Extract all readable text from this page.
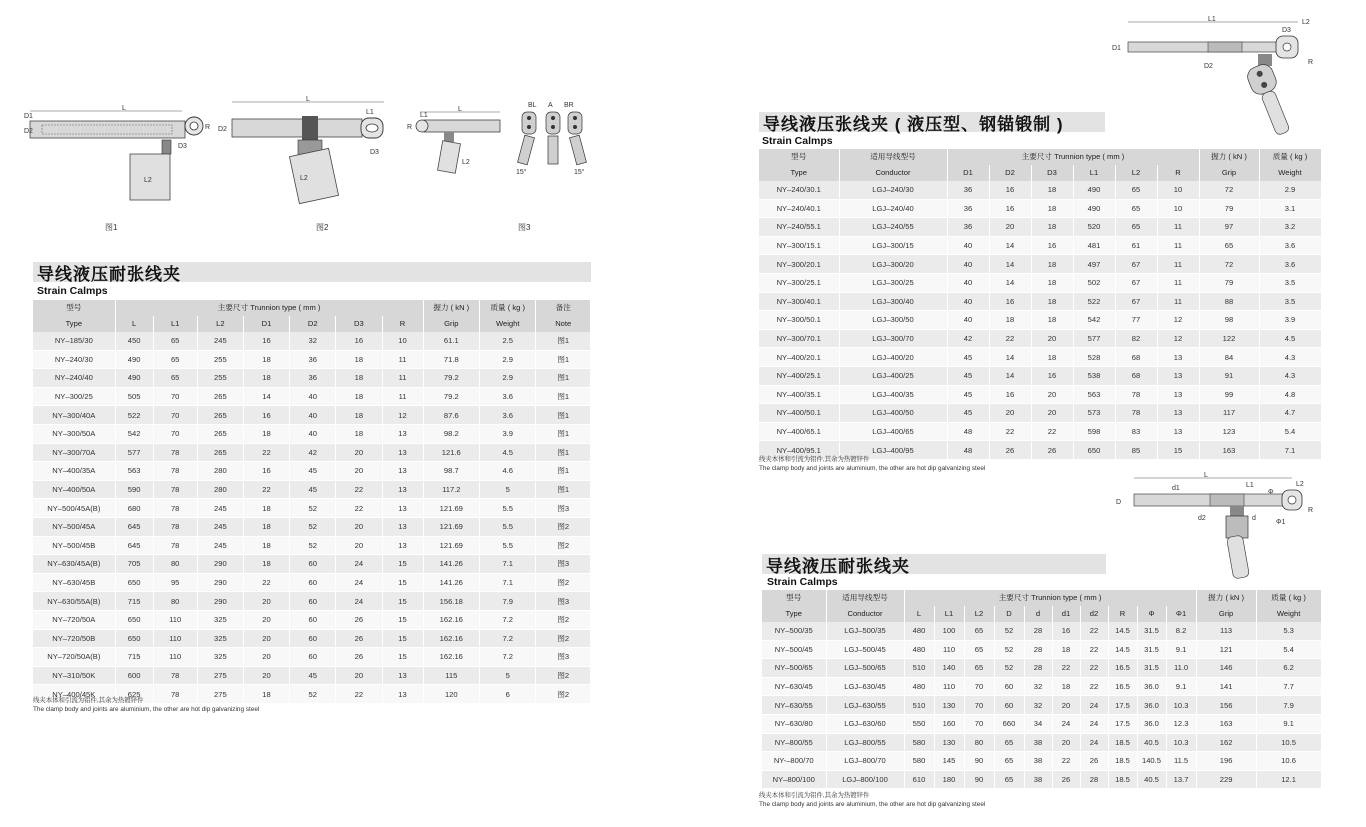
L
D1
D2
D3
R
L2
图1
L
D2
L1
D3
L2
图2
L
L1
R
L2
BL A BR
15°	15°
图3
导线液压耐张线夹
Strain Calmps
型号	主要尺寸 Trunnion type ( mm )							握力 ( kN )	质量 ( kg )	备注
Type	L	L1	L2	D1	D2	D3	R	Grip	Weight	Note
NY–185/30	450	65	245	16	32	16	10	61.1	2.5	图1
NY–240/30	490	65	255	18	36	18	11	71.8	2.9	图1
NY–240/40	490	65	255	18	36	18	11	79.2	2.9	图1
NY–300/25	505	70	265	14	40	18	11	79.2	3.6	图1
NY–300/40A	522	70	265	16	40	18	12	87.6	3.6	图1
NY–300/50A	542	70	265	18	40	18	13	98.2	3.9	图1
NY–300/70A	577	78	265	22	42	20	13	121.6	4.5	图1
NY–400/35A	563	78	280	16	45	20	13	98.7	4.6	图1
NY–400/50A	590	78	280	22	45	22	13	117.2	5	图1
NY–500/45A(B)	680	78	245	18	52	22	13	121.69	5.5	图3
NY–500/45A	645	78	245	18	52	20	13	121.69	5.5	图2
NY–500/45B	645	78	245	18	52	20	13	121.69	5.5	图2
NY–630/45A(B)	705	80	290	18	60	24	15	141.26	7.1	图3
NY–630/45B	650	95	290	22	60	24	15	141.26	7.1	图2
NY–630/55A(B)	715	80	290	20	60	24	15	156.18	7.9	图3
NY–720/50A	650	110	325	20	60	26	15	162.16	7.2	图2
NY–720/50B	650	110	325	20	60	26	15	162.16	7.2	图2
NY–720/50A(B)	715	110	325	20	60	26	15	162.16	7.2	图3
NY–310/50K	600	78	275	20	45	20	13	115	5	图2
NY–400/45K	625	78	275	18	52	22	13	120	6	图2
线夹本体和引流为铝件,其余为热镀锌件
The clamp body and joints are aluminium, the other are hot dip galvanizing steel
L1	L2
D1
D2
D3
R
导线液压张线夹 ( 液压型、钢锚锻制 )
Strain Calmps
型号	适用导线型号	主要尺寸 Trunnion type ( mm )						握力 ( kN )	质量 ( kg )
Type	Conductor	D1	D2	D3	L1	L2	R	Grip	Weight
NY–240/30.1	LGJ–240/30	36	16	18	490	65	10	72	2.9
NY–240/40.1	LGJ–240/40	36	16	18	490	65	10	79	3.1
NY–240/55.1	LGJ–240/55	36	20	18	520	65	11	97	3.2
NY–300/15.1	LGJ–300/15	40	14	16	481	61	11	65	3.6
NY–300/20.1	LGJ–300/20	40	14	18	497	67	11	72	3.6
NY–300/25.1	LGJ–300/25	40	14	18	502	67	11	79	3.5
NY–300/40.1	LGJ–300/40	40	16	18	522	67	11	88	3.5
NY–300/50.1	LGJ–300/50	40	18	18	542	77	12	98	3.9
NY–300/70.1	LGJ–300/70	42	22	20	577	82	12	122	4.5
NY–400/20.1	LGJ–400/20	45	14	18	528	68	13	84	4.3
NY–400/25.1	LGJ–400/25	45	14	16	538	68	13	91	4.3
NY–400/35.1	LGJ–400/35	45	16	20	563	78	13	99	4.8
NY–400/50.1	LGJ–400/50	45	20	20	573	78	13	117	4.7
NY–400/65.1	LGJ–400/65	48	22	22	598	83	13	123	5.4
NY–400/95.1	LGJ–400/95	48	26	26	650	85	15	163	7.1
线夹本体和引流为铝件,其余为热镀锌件
The clamp body and joints are aluminium, the other are hot dip galvanizing steel
L
L1	L2
D
d1
d2	d
Φ
Φ1
R
导线液压耐张线夹
Strain Calmps
型号	适用导线型号	主要尺寸 Trunnion type ( mm )										握力 ( kN )	质量 ( kg )
Type	Conductor	L	L1	L2	D	d	d1	d2	R	Φ	Φ1	Grip	Weight
NY–500/35	LGJ–500/35	480	100	65	52	28	16	22	14.5	31.5	8.2	113	5.3
NY–500/45	LGJ–500/45	480	110	65	52	28	18	22	14.5	31.5	9.1	121	5.4
NY–500/65	LGJ–500/65	510	140	65	52	28	22	22	16.5	31.5	11.0	146	6.2
NY–630/45	LGJ–630/45	480	110	70	60	32	18	22	16.5	36.0	9.1	141	7.7
NY–630/55	LGJ–630/55	510	130	70	60	32	20	24	17.5	36.0	10.3	156	7.9
NY–630/80	LGJ–630/60	550	160	70	660	34	24	24	17.5	36.0	12.3	163	9.1
NY–800/55	LGJ–800/55	580	130	80	65	38	20	24	18.5	40.5	10.3	162	10.5
NY-–800/70	LGJ–800/70	580	145	90	65	38	22	26	18.5	140.5	11.5	196	10.6
NY–800/100	LGJ–800/100	610	180	90	65	38	26	28	18.5	40.5	13.7	229	12.1
线夹本体和引流为铝件,其余为热镀锌件
The clamp body and joints are aluminium, the other are hot dip galvanizing steel
